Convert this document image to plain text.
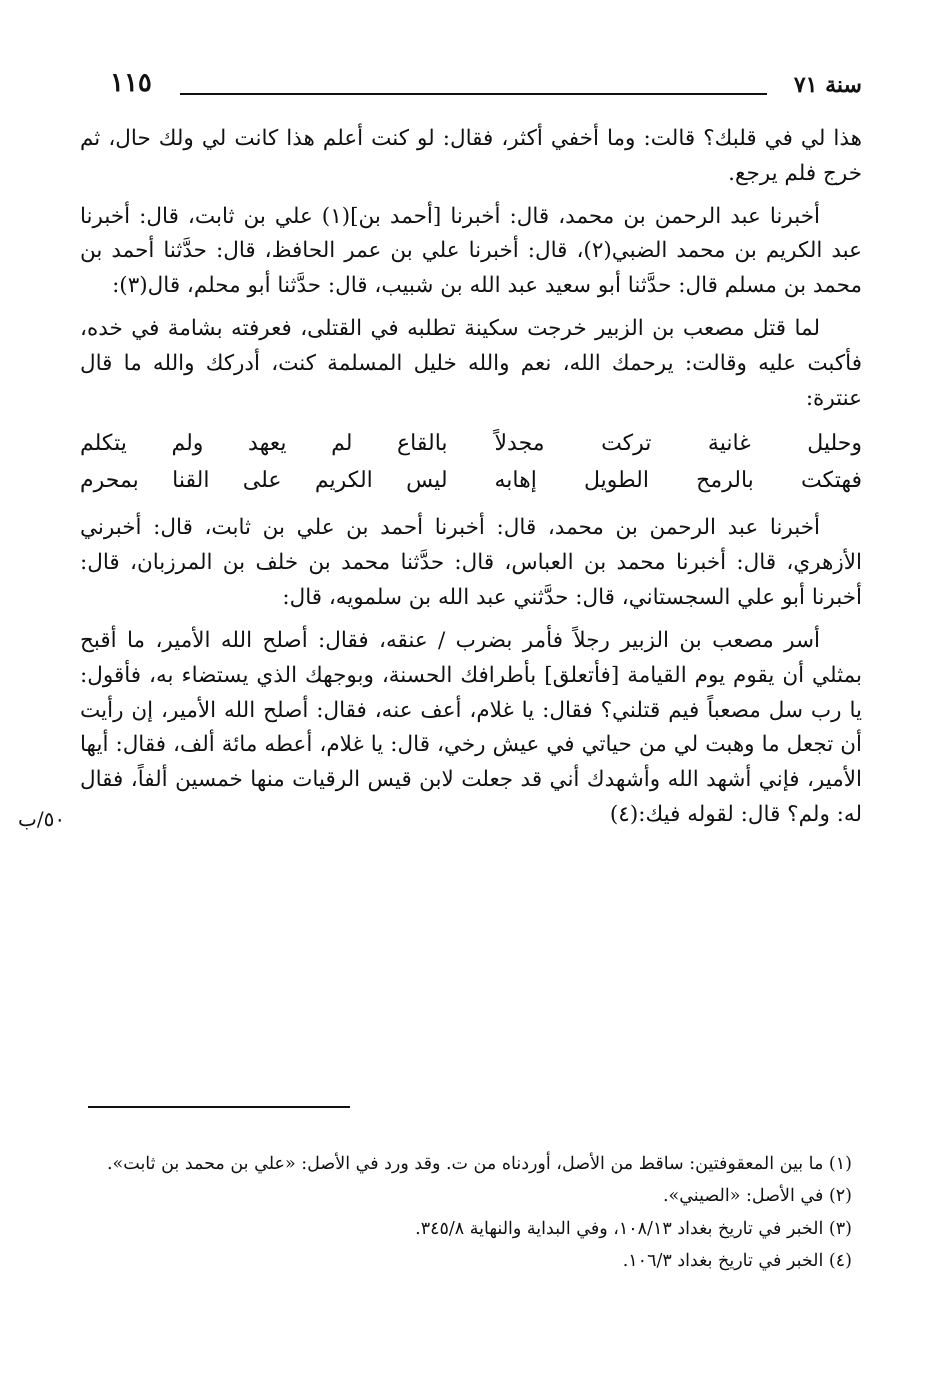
سنة ٧١
١١٥

هذا لي في قلبك؟ قالت: وما أخفي أكثر، فقال: لو كنت أعلم هذا كانت لي ولك حال، ثم خرج فلم يرجع.

أخبرنا عبد الرحمن بن محمد، قال: أخبرنا [أحمد بن](١) علي بن ثابت، قال: أخبرنا عبد الكريم بن محمد الضبي(٢)، قال: أخبرنا علي بن عمر الحافظ، قال: حدَّثنا أحمد بن محمد بن مسلم قال: حدَّثنا أبو سعيد عبد الله بن شبيب، قال: حدَّثنا أبو محلم، قال(٣):

لما قتل مصعب بن الزبير خرجت سكينة تطلبه في القتلى، فعرفته بشامة في خده، فأكبت عليه وقالت: يرحمك الله، نعم والله خليل المسلمة كنت، أدركك والله ما قال عنترة:

وحليل غانية تركت مجدلاً
بالقاع لم يعهد ولم يتكلم
فهتكت بالرمح الطويل إهابه
ليس الكريم على القنا بمحرم

أخبرنا عبد الرحمن بن محمد، قال: أخبرنا أحمد بن علي بن ثابت، قال: أخبرني الأزهري، قال: أخبرنا محمد بن العباس، قال: حدَّثنا محمد بن خلف بن المرزبان، قال: أخبرنا أبو علي السجستاني، قال: حدَّثني عبد الله بن سلمويه، قال:

أسر مصعب بن الزبير رجلاً فأمر بضرب / عنقه، فقال: أصلح الله الأمير، ما أقبح بمثلي أن يقوم يوم القيامة [فأتعلق] بأطرافك الحسنة، وبوجهك الذي يستضاء به، فأقول: يا رب سل مصعباً فيم قتلني؟ فقال: يا غلام، أعف عنه، فقال: أصلح الله الأمير، إن رأيت أن تجعل ما وهبت لي من حياتي في عيش رخي، قال: يا غلام، أعطه مائة ألف، فقال: أيها الأمير، فإني أشهد الله وأشهدك أني قد جعلت لابن قيس الرقيات منها خمسين ألفاً، فقال له: ولم؟ قال: لقوله فيك:(٤)

٥٠/ب
(١) ما بين المعقوفتين: ساقط من الأصل، أوردناه من ت. وقد ورد في الأصل: «علي بن محمد بن ثابت».
(٢) في الأصل: «الصيني».
(٣) الخبر في تاريخ بغداد ١٠٨/١٣، وفي البداية والنهاية ٣٤٥/٨.
(٤) الخبر في تاريخ بغداد ١٠٦/٣.
